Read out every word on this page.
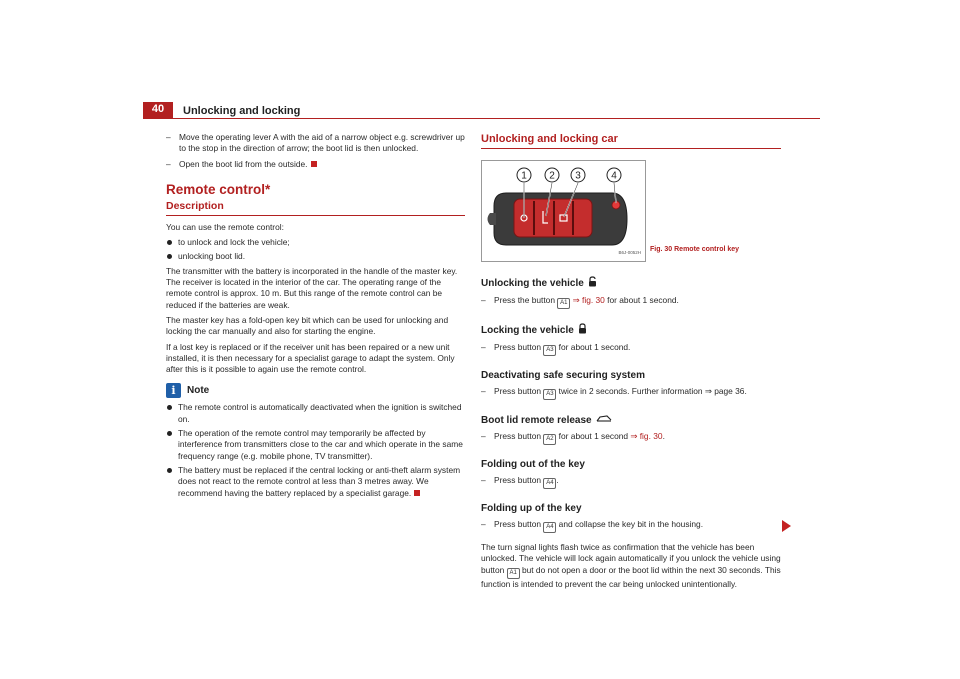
40	Unlocking and locking
– Move the operating lever A with the aid of a narrow object e.g. screwdriver up to the stop in the direction of arrow; the boot lid is then unlocked.
– Open the boot lid from the outside.
Remote control*
Description

You can use the remote control:

to unlock and lock the vehicle;
unlocking boot lid.

The transmitter with the battery is incorporated in the handle of the master key. The receiver is located in the interior of the car. The operating range of the remote control is approx. 10 m. But this range of the remote control can be reduced if the batteries are weak.

The master key has a fold-open key bit which can be used for unlocking and locking the car manually and also for starting the engine.

If a lost key is replaced or if the receiver unit has been repaired or a new unit installed, it is then necessary for a specialist garage to adapt the system. Only after this is it possible to again use the remote control.

i	Note
The remote control is automatically deactivated when the ignition is switched on.
The operation of the remote control may temporarily be affected by interference from transmitters close to the car and which operate in the same frequency range (e.g. mobile phone, TV transmitter).
The battery must be replaced if the central locking or anti-theft alarm system does not react to the remote control at less than 3 metres away. We recommend having the battery replaced by a specialist garage.
Unlocking and locking car
1 2 3	4
B6J-0052H
Unlocking the vehicle
– Press the button A1 ⇒ fig. 30 for about 1 second.
Locking the vehicle
– Press button A3 for about 1 second.
Deactivating safe securing system
– Press button A3 twice in 2 seconds. Further information ⇒ page 36.
Boot lid remote release
– Press button A2 for about 1 second ⇒ fig. 30.
Folding out of the key
– Press button A4 .
Folding up of the key
– Press button A4 and collapse the key bit in the housing.

The turn signal lights flash twice as confirmation that the vehicle has been unlocked. The vehicle will lock again automatically if you unlock the vehicle using button A1 but do not open a door or the boot lid within the next 30 seconds. This function is intended to prevent the car being unlocked unintentionally.

Fig. 30 Remote control key
